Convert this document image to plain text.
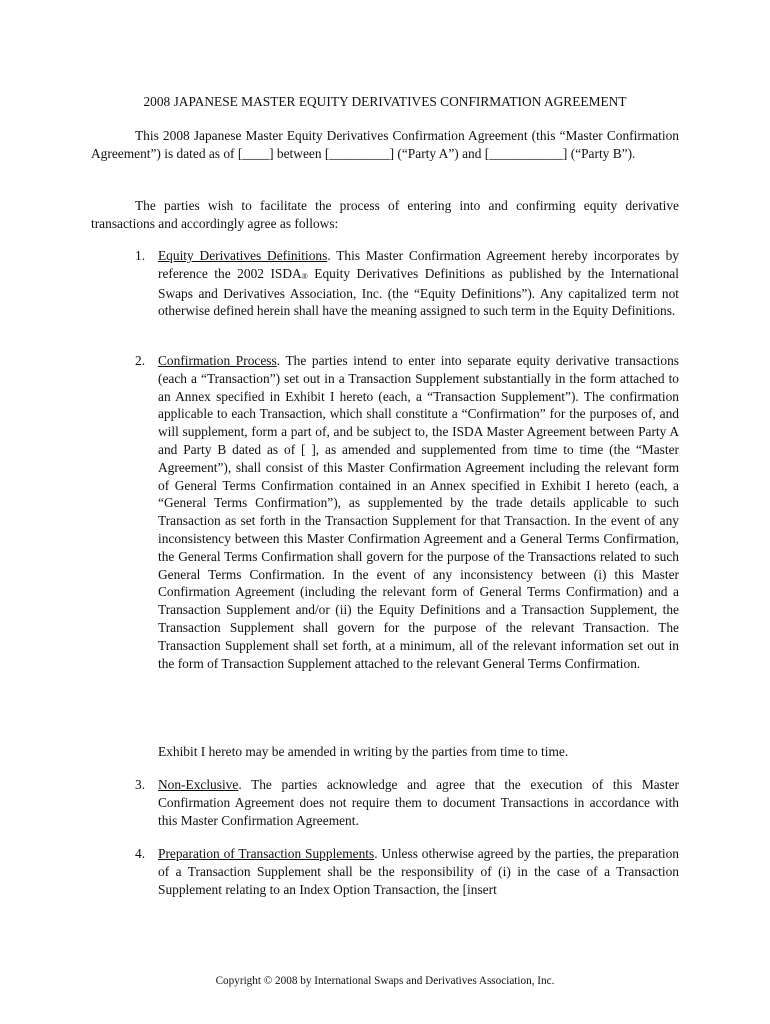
2008 JAPANESE MASTER EQUITY DERIVATIVES CONFIRMATION AGREEMENT

This 2008 Japanese Master Equity Derivatives Confirmation Agreement (this “Master Confirmation Agreement”) is dated as of [____] between [_________] (“Party A”) and [___________] (“Party B”).

The parties wish to facilitate the process of entering into and confirming equity derivative transactions and accordingly agree as follows:

1. Equity Derivatives Definitions. This Master Confirmation Agreement hereby incorporates by reference the 2002 ISDA® Equity Derivatives Definitions as published by the International Swaps and Derivatives Association, Inc. (the “Equity Definitions”). Any capitalized term not otherwise defined herein shall have the meaning assigned to such term in the Equity Definitions.
2. Confirmation Process. The parties intend to enter into separate equity derivative transactions (each a “Transaction”) set out in a Transaction Supplement substantially in the form attached to an Annex specified in Exhibit I hereto (each, a “Transaction Supplement”). The confirmation applicable to each Transaction, which shall constitute a “Confirmation” for the purposes of, and will supplement, form a part of, and be subject to, the ISDA Master Agreement between Party A and Party B dated as of [ ], as amended and supplemented from time to time (the “Master Agreement”), shall consist of this Master Confirmation Agreement including the relevant form of General Terms Confirmation contained in an Annex specified in Exhibit I hereto (each, a “General Terms Confirmation”), as supplemented by the trade details applicable to such Transaction as set forth in the Transaction Supplement for that Transaction. In the event of any inconsistency between this Master Confirmation Agreement and a General Terms Confirmation, the General Terms Confirmation shall govern for the purpose of the Transactions related to such General Terms Confirmation. In the event of any inconsistency between (i) this Master Confirmation Agreement (including the relevant form of General Terms Confirmation) and a Transaction Supplement and/or (ii) the Equity Definitions and a Transaction Supplement, the Transaction Supplement shall govern for the purpose of the relevant Transaction. The Transaction Supplement shall set forth, at a minimum, all of the relevant information set out in the form of Transaction Supplement attached to the relevant General Terms Confirmation.
Exhibit I hereto may be amended in writing by the parties from time to time.
3. Non-Exclusive. The parties acknowledge and agree that the execution of this Master Confirmation Agreement does not require them to document Transactions in accordance with this Master Confirmation Agreement.
4. Preparation of Transaction Supplements. Unless otherwise agreed by the parties, the preparation of a Transaction Supplement shall be the responsibility of (i) in the case of a Transaction Supplement relating to an Index Option Transaction, the [insert
Copyright © 2008 by International Swaps and Derivatives Association, Inc.
